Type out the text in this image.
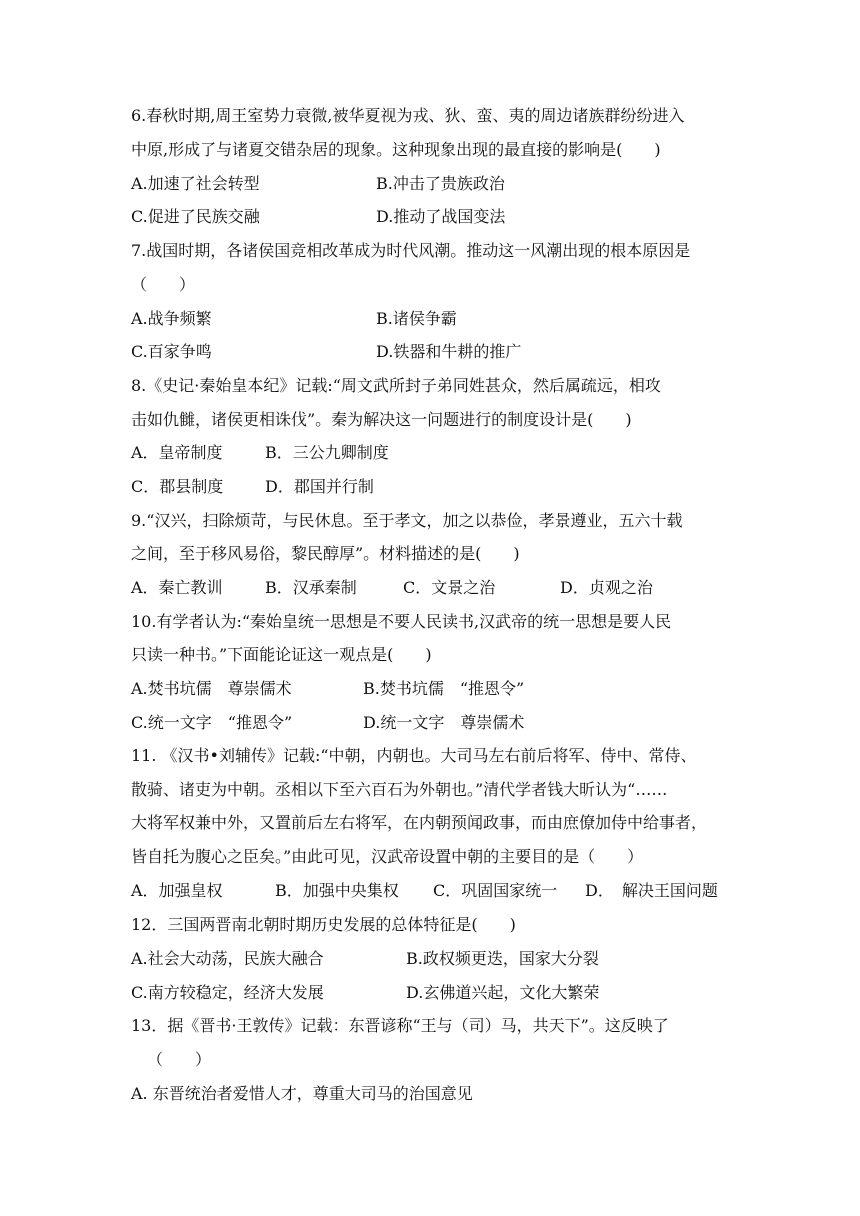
6.春秋时期,周王室势力衰微,被华夏视为戎、狄、蛮、夷的周边诸族群纷纷进入
中原,形成了与诸夏交错杂居的现象。这种现象出现的最直接的影响是(　　)
A.加速了社会转型	B.冲击了贵族政治
C.促进了民族交融	D.推动了战国变法
7.战国时期，各诸侯国竞相改革成为时代风潮。推动这一风潮出现的根本原因是
（　　）
A.战争频繁	B.诸侯争霸
C.百家争鸣	D.铁器和牛耕的推广
8.《史记·秦始皇本纪》记载:“周文武所封子弟同姓甚众，然后属疏远，相攻
击如仇雠，诸侯更相诛伐”。秦为解决这一问题进行的制度设计是(　　)
A．皇帝制度	B．三公九卿制度
C．郡县制度	D．郡国并行制
9.“汉兴，扫除烦苛，与民休息。至于孝文，加之以恭俭，孝景遵业，五六十载
之间，至于移风易俗，黎民醇厚”。材料描述的是(　　)
A．秦亡教训	B．汉承秦制	C．文景之治	D．贞观之治
10.有学者认为:“秦始皇统一思想是不要人民读书,汉武帝的统一思想是要人民
只读一种书。”下面能论证这一观点是(　　)
A.焚书坑儒　尊崇儒术	B.焚书坑儒　“推恩令”
C.统一文字　“推恩令”	D.统一文字　尊崇儒术
11. 《汉书•刘辅传》记载:“中朝，内朝也。大司马左右前后将军、侍中、常侍、
散骑、诸吏为中朝。丞相以下至六百石为外朝也。”清代学者钱大昕认为“……
大将军权兼中外，又置前后左右将军，在内朝预闻政事，而由庶僚加侍中给事者，
皆自托为腹心之臣矣。”由此可见，汉武帝设置中朝的主要目的是（　　）
A．加强皇权	B．加强中央集权 C．巩固国家统一 D．　解决王国问题
12．三国两晋南北朝时期历史发展的总体特征是(　　)
A.社会大动荡，民族大融合	B.政权频更迭，国家大分裂
C.南方较稳定，经济大发展	D.玄佛道兴起，文化大繁荣
13．据《晋书·王敦传》记载：东晋谚称“王与（司）马，共天下”。这反映了
（　　）
A. 东晋统治者爱惜人才，尊重大司马的治国意见
